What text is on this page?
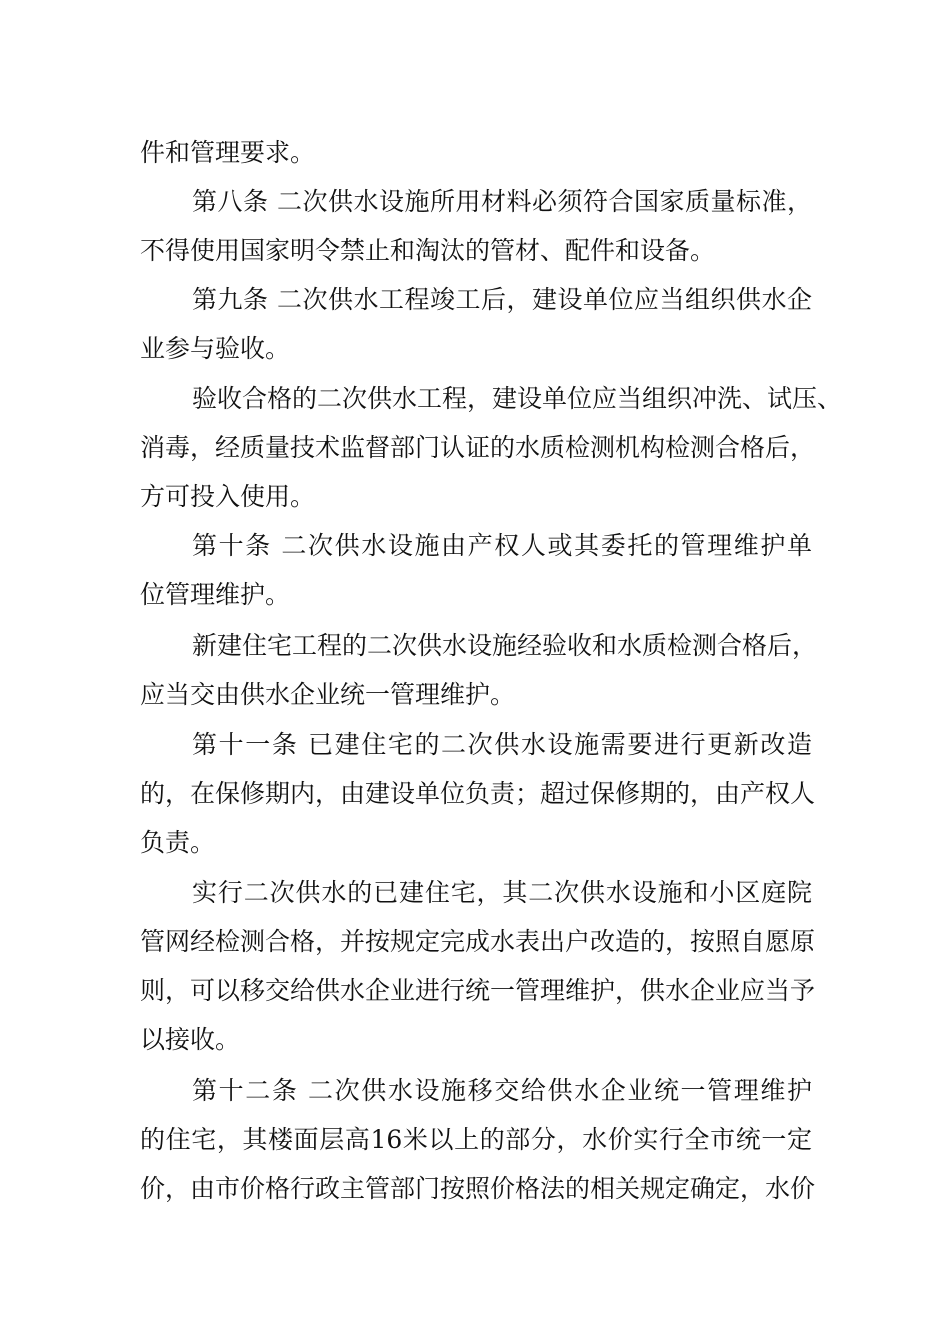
件和管理要求。
第八条 二次供水设施所用材料必须符合国家质量标准，
不得使用国家明令禁止和淘汰的管材、配件和设备。
第九条 二次供水工程竣工后，建设单位应当组织供水企
业参与验收。
验收合格的二次供水工程，建设单位应当组织冲洗、试压、
消毒，经质量技术监督部门认证的水质检测机构检测合格后，
方可投入使用。
第十条 二次供水设施由产权人或其委托的管理维护单
位管理维护。
新建住宅工程的二次供水设施经验收和水质检测合格后，
应当交由供水企业统一管理维护。
第十一条 已建住宅的二次供水设施需要进行更新改造
的，在保修期内，由建设单位负责；超过保修期的，由产权人
负责。
实行二次供水的已建住宅，其二次供水设施和小区庭院
管网经检测合格，并按规定完成水表出户改造的，按照自愿原
则，可以移交给供水企业进行统一管理维护，供水企业应当予
以接收。
第十二条 二次供水设施移交给供水企业统一管理维护
的住宅，其楼面层高16米以上的部分，水价实行全市统一定
价，由市价格行政主管部门按照价格法的相关规定确定，水价
